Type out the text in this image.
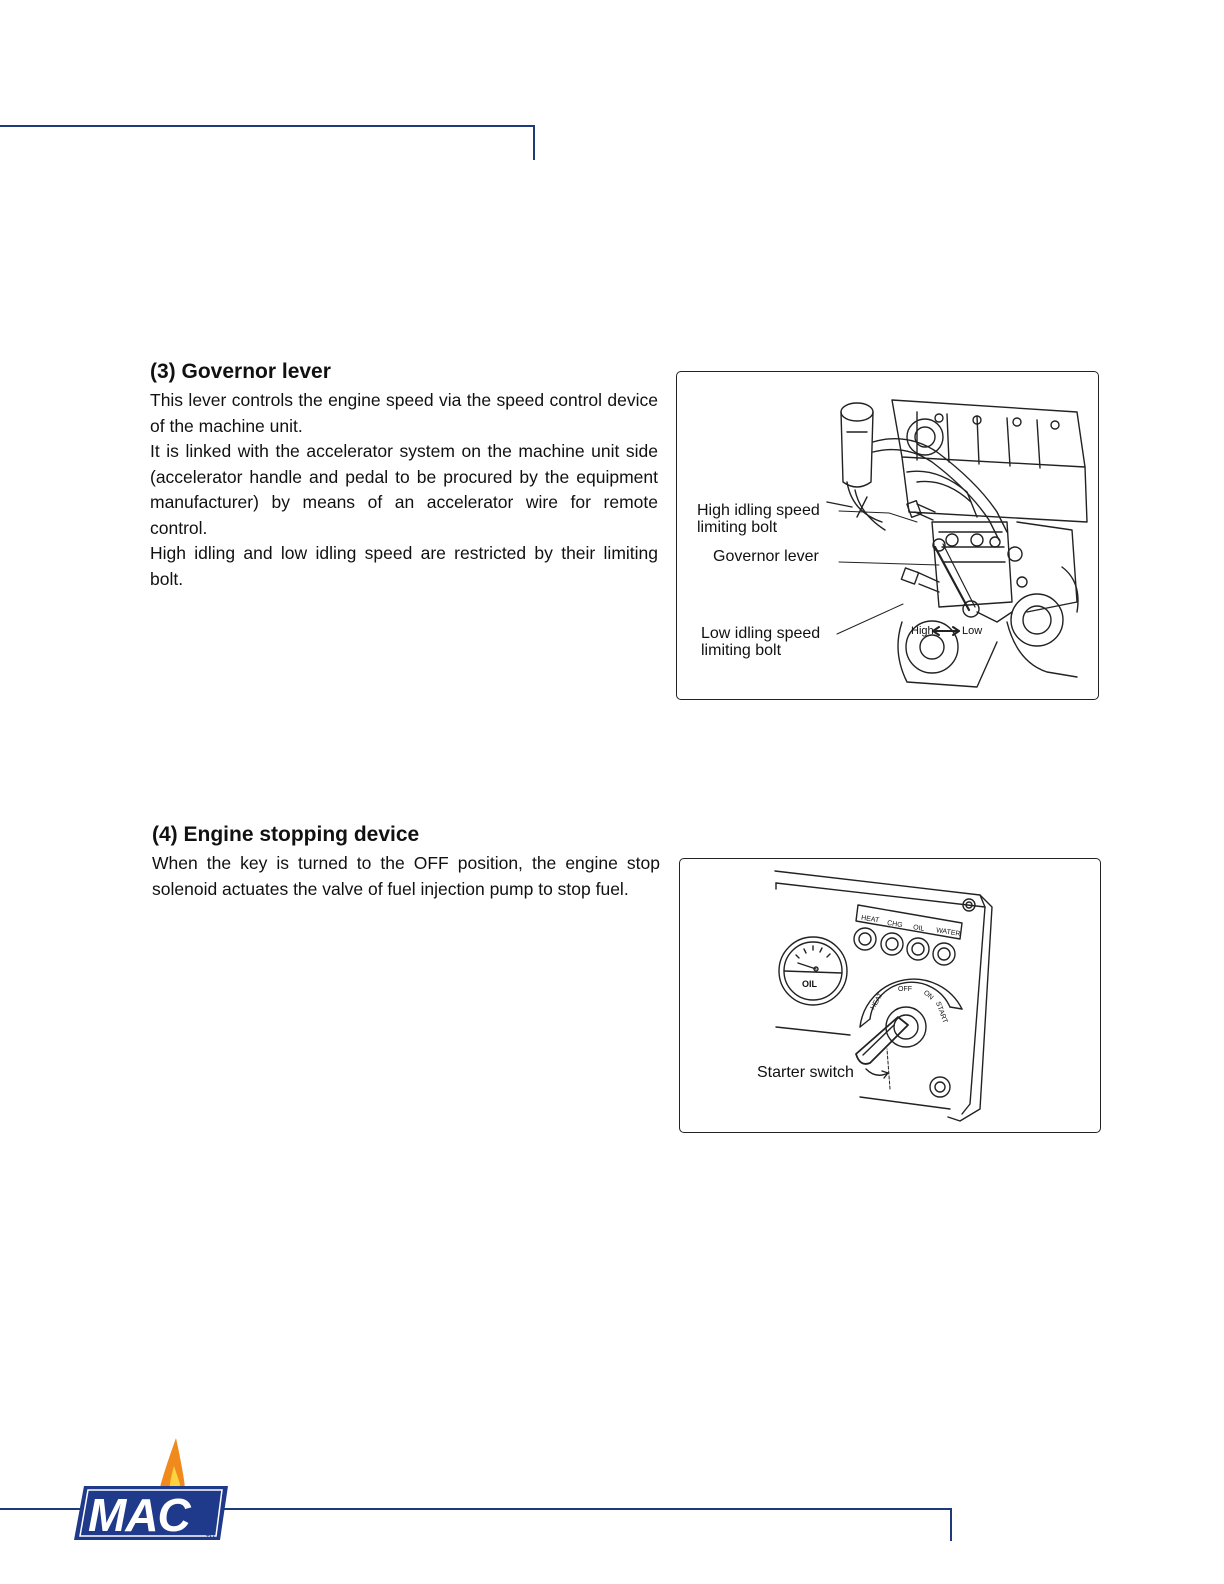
(3) Governor lever

This lever controls the engine speed via the speed control device of the machine unit.

It is linked with the accelerator system on the machine unit side (accelerator handle and pedal to be procured by the equipment manufacturer) by means of an accelerator wire for remote control.

High idling and low idling speed are restricted by their limiting bolt.

High idling speed
limiting bolt
Governor lever
Low idling speed
limiting bolt
High	Low
(4) Engine stopping device

When the key is turned to the OFF position, the engine stop solenoid actuates the valve of fuel injection pump to stop fuel.

HEAT
CHG OIL WATER
OIL
HEAT
OFF	ON
START
Starter switch
MAC	TM
